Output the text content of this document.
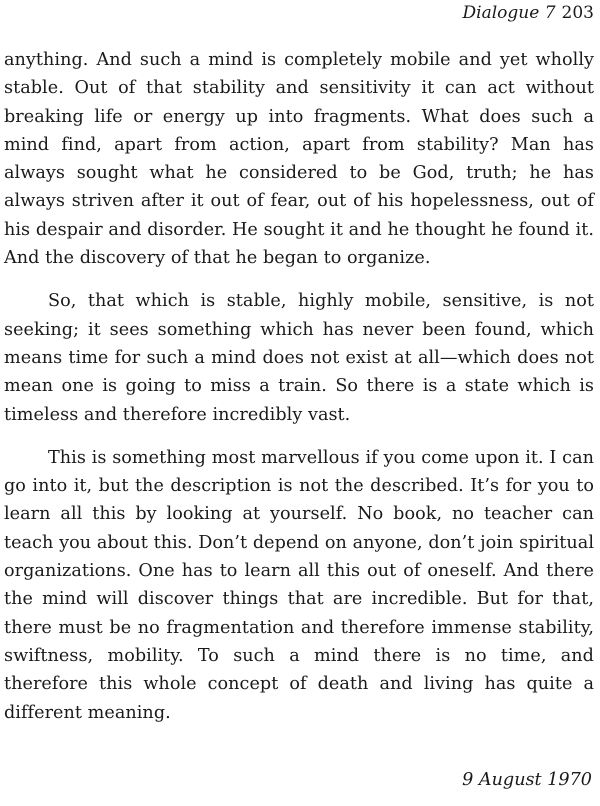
Dialogue 7 203

anything. And such a mind is completely mobile and yet wholly stable. Out of that stability and sensitivity it can act without breaking life or energy up into fragments. What does such a mind find, apart from action, apart from stability? Man has always sought what he considered to be God, truth; he has always striven after it out of fear, out of his hopelessness, out of his despair and disorder. He sought it and he thought he found it. And the discovery of that he began to organize.

So, that which is stable, highly mobile, sensitive, is not seeking; it sees something which has never been found, which means time for such a mind does not exist at all—which does not mean one is going to miss a train. So there is a state which is timeless and therefore incredibly vast.

This is something most marvellous if you come upon it. I can go into it, but the description is not the described. It’s for you to learn all this by looking at yourself. No book, no teacher can teach you about this. Don’t depend on anyone, don’t join spiritual organizations. One has to learn all this out of oneself. And there the mind will discover things that are incredible. But for that, there must be no fragmentation and therefore immense stability, swiftness, mobility. To such a mind there is no time, and therefore this whole concept of death and living has quite a different meaning.

9 August 1970
